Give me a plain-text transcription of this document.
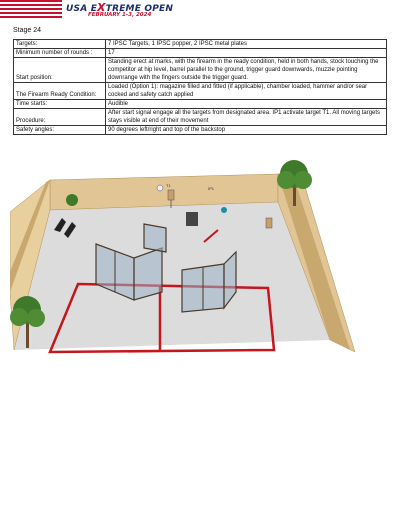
USA EXTREME OPEN
FEBRUARY 1-3, 2024
Stage 24
Targets:	7 IPSC Targets, 1 IPSC popper, 2 IPSC metal plates
Minimum number of rounds :	17
Start position:	Standing erect at marks, with the firearm in the ready condition, held in both hands, stock touching the competitor at hip level, barrel parallel to the ground, trigger guard downwards, muzzle pointing downrange with the fingers outside the trigger guard.
The Firearm Ready Condition:	Loaded (Option 1): magazine filled and fitted (if applicable), chamber loaded, hammer and/or sear cocked and safety catch applied
Time starts:	Audible
Procedure:	After start signal engage all the targets from designated area. IP1 activate target T1. All moving targets stays visible at end of their movement
Safety angles:	90 degrees left/right and top of the backstop
T1
IP1
